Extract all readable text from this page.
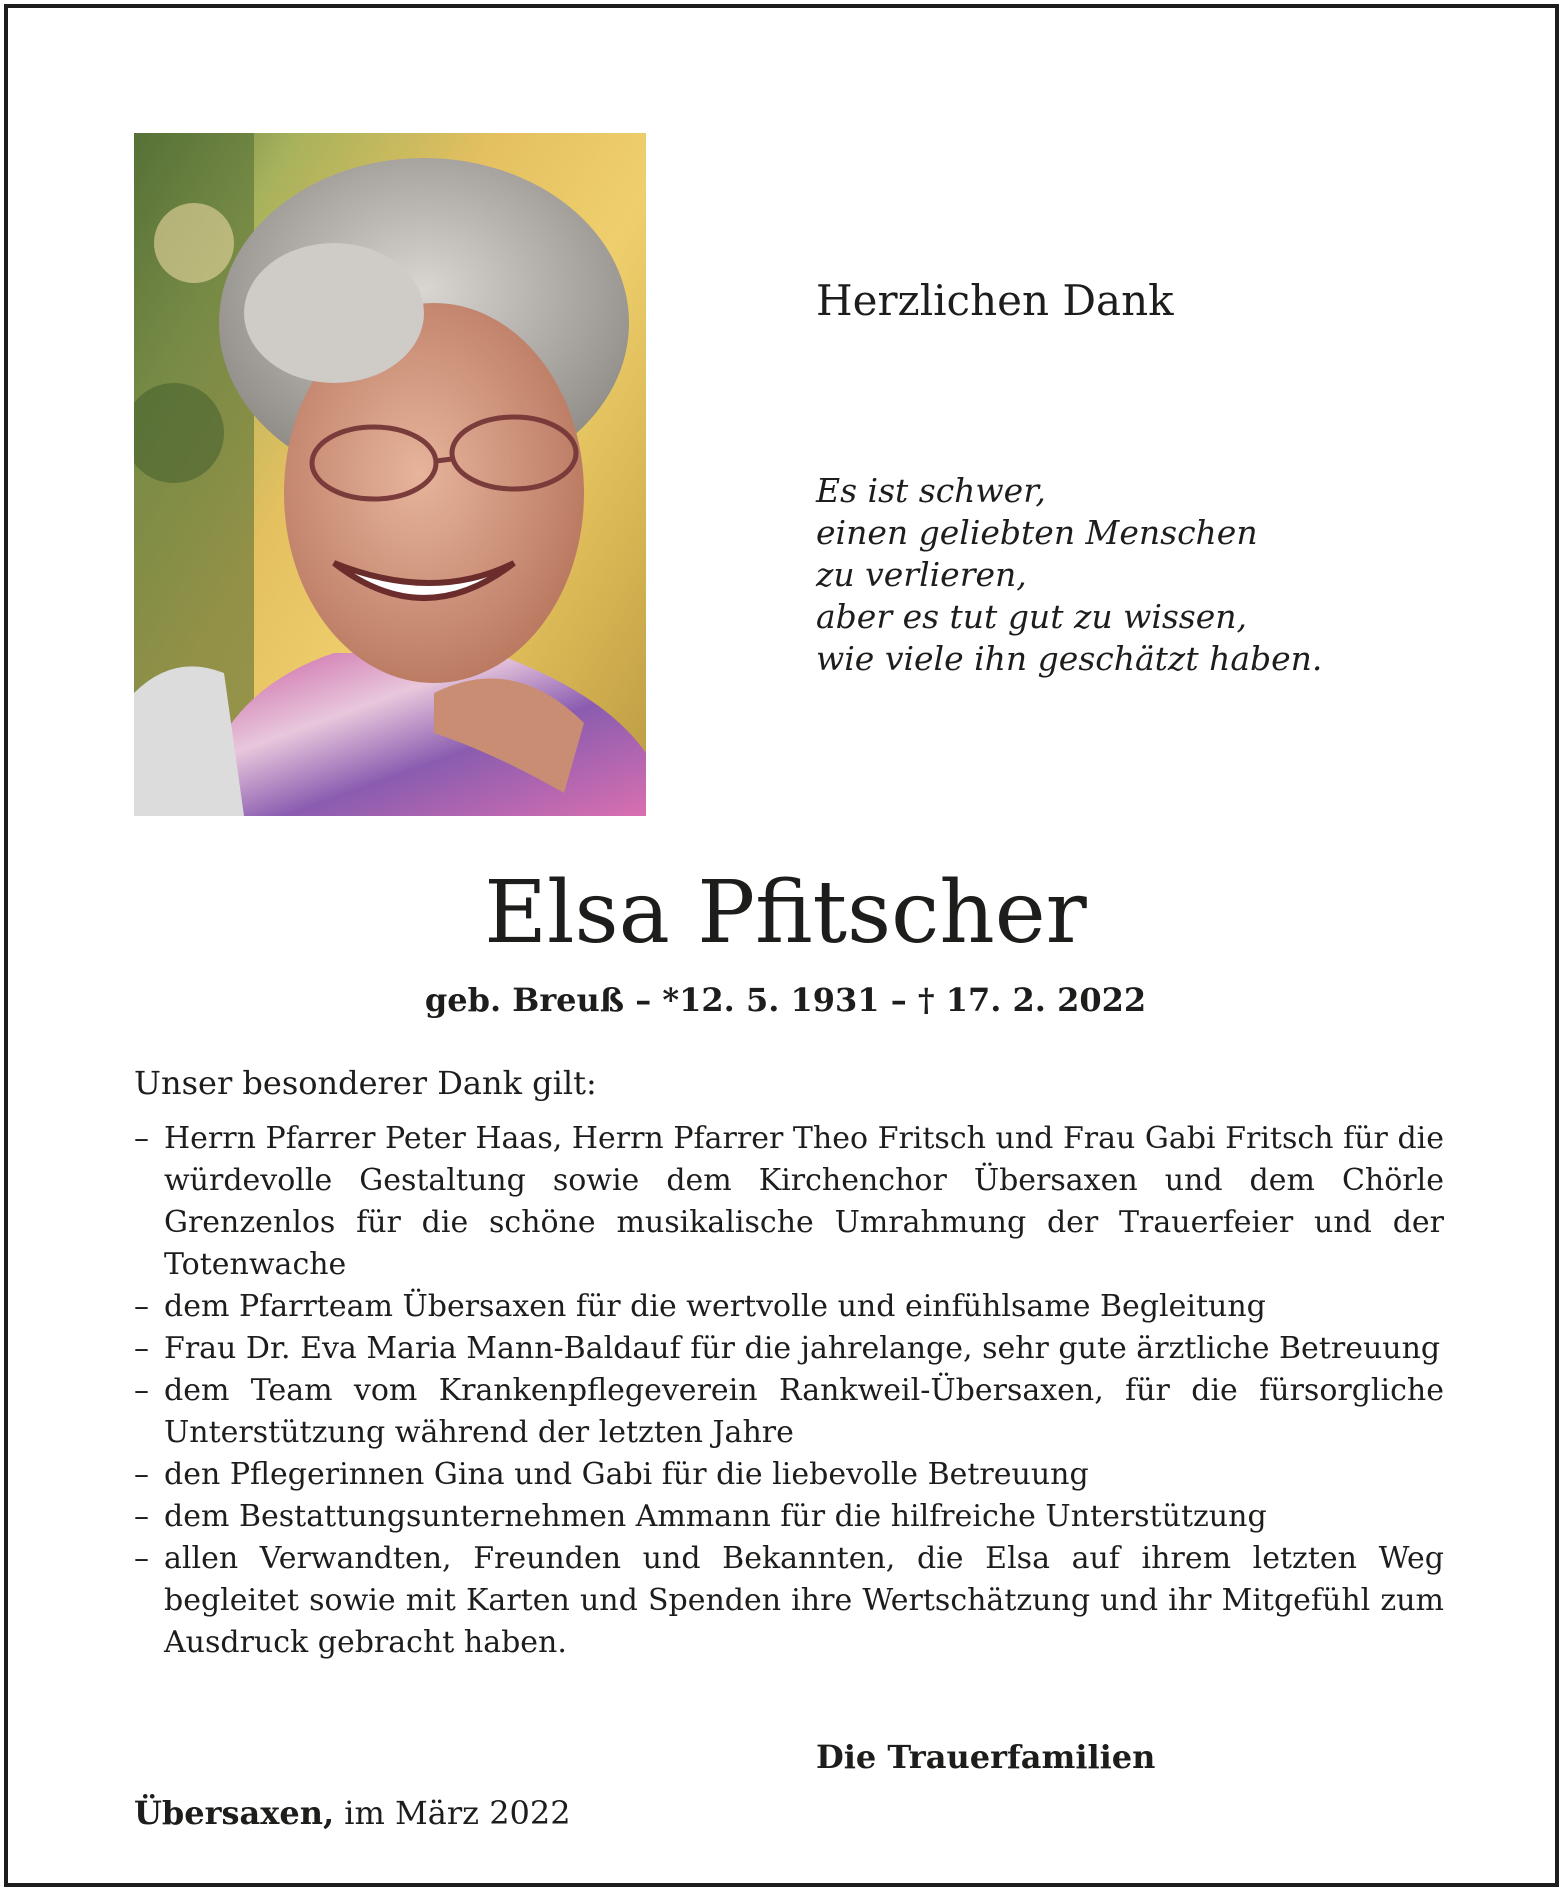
Herzlichen Dank
Es ist schwer,
einen geliebten Menschen
zu verlieren,
aber es tut gut zu wissen,
wie viele ihn geschätzt haben.
Elsa Pfitscher
geb. Breuß – *12. 5. 1931 – † 17. 2. 2022
Unser besonderer Dank gilt:
– Herrn Pfarrer Peter Haas, Herrn Pfarrer Theo Fritsch und Frau Gabi Fritsch für die würdevolle Gestaltung sowie dem Kirchenchor Übersaxen und dem Chörle Grenzenlos für die schöne musikalische Umrahmung der Trauerfeier und der Totenwache
– dem Pfarrteam Übersaxen für die wertvolle und einfühlsame Begleitung
– Frau Dr. Eva Maria Mann-Baldauf für die jahrelange, sehr gute ärztliche Betreuung
– dem Team vom Krankenpflegeverein Rankweil-Übersaxen, für die fürsorgliche Unterstützung während der letzten Jahre
– den Pflegerinnen Gina und Gabi für die liebevolle Betreuung
– dem Bestattungsunternehmen Ammann für die hilfreiche Unterstützung
– allen Verwandten, Freunden und Bekannten, die Elsa auf ihrem letzten Weg begleitet sowie mit Karten und Spenden ihre Wertschätzung und ihr Mitgefühl zum Ausdruck gebracht haben.
Die Trauerfamilien
Übersaxen, im März 2022
